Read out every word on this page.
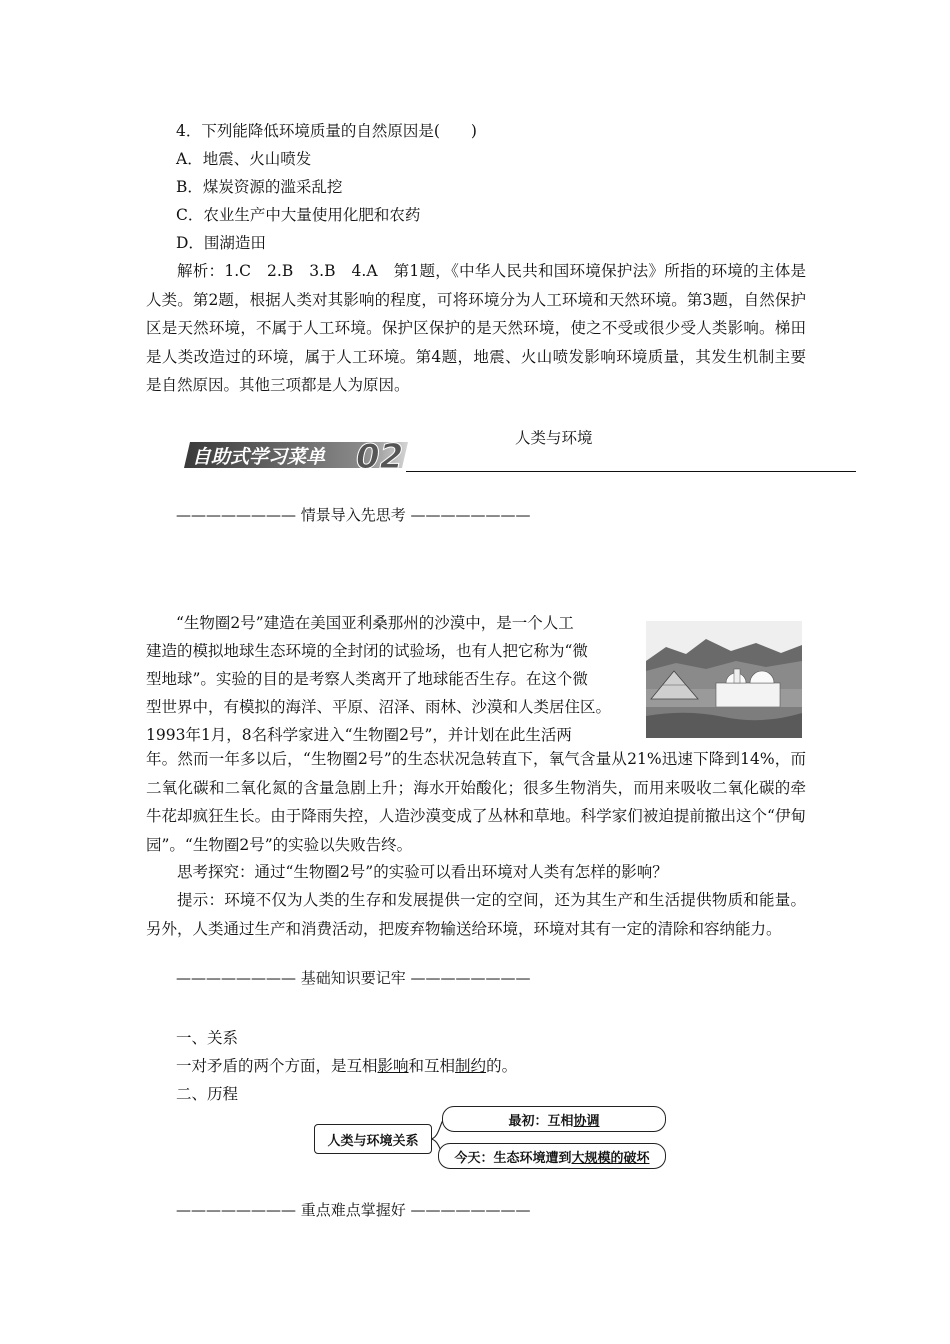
4．下列能降低环境质量的自然原因是(　　)
A．地震、火山喷发
B．煤炭资源的滥采乱挖
C．农业生产中大量使用化肥和农药
D．围湖造田
解析：1.C　2.B　3.B　4.A　第1题，《中华人民共和国环境保护法》所指的环境的主体是人类。第2题，根据人类对其影响的程度，可将环境分为人工环境和天然环境。第3题，自然保护区是天然环境，不属于人工环境。保护区保护的是天然环境，使之不受或很少受人类影响。梯田是人类改造过的环境，属于人工环境。第4题，地震、火山喷发影响环境质量，其发生机制主要是自然原因。其他三项都是人为原因。
自助式学习菜单 02	人类与环境
———————— 情景导入先思考 ————————
“生物圈2号”建造在美国亚利桑那州的沙漠中，是一个人工
建造的模拟地球生态环境的全封闭的试验场，也有人把它称为“微
型地球”。实验的目的是考察人类离开了地球能否生存。在这个微
型世界中，有模拟的海洋、平原、沼泽、雨林、沙漠和人类居住区。
1993年1月，8名科学家进入“生物圈2号”，并计划在此生活两
年。然而一年多以后，“生物圈2号”的生态状况急转直下，氧气含量从21%迅速下降到14%，而二氧化碳和二氧化氮的含量急剧上升；海水开始酸化；很多生物消失，而用来吸收二氧化碳的牵牛花却疯狂生长。由于降雨失控，人造沙漠变成了丛林和草地。科学家们被迫提前撤出这个“伊甸园”。“生物圈2号”的实验以失败告终。
思考探究：通过“生物圈2号”的实验可以看出环境对人类有怎样的影响？
提示：环境不仅为人类的生存和发展提供一定的空间，还为其生产和生活提供物质和能量。另外，人类通过生产和消费活动，把废弃物输送给环境，环境对其有一定的清除和容纳能力。
———————— 基础知识要记牢 ————————
一、关系
一对矛盾的两个方面，是互相影响和互相制约的。
二、历程
人类与环境关系
最初：互相 协调
今天：生态环境遭到 大规模的破坏
———————— 重点难点掌握好 ————————
